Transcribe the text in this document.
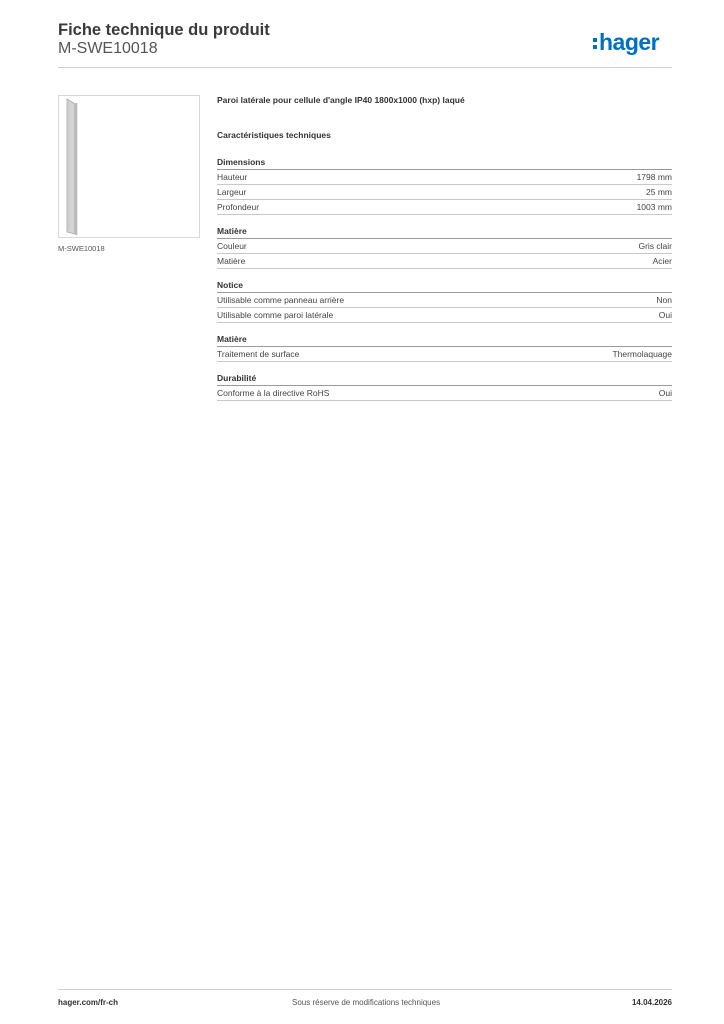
Fiche technique du produit
M-SWE10018	hager
M-SWE10018

Paroi latérale pour cellule d'angle IP40 1800x1000 (hxp) laqué

Caractéristiques techniques

Dimensions
Hauteur	1798 mm
Largeur	25 mm
Profondeur	1003 mm
Matière
Couleur	Gris clair
Matière	Acier
Notice
Utilisable comme panneau arrière	Non
Utilisable comme paroi latérale	Oui
Matière
Traitement de surface	Thermolaquage
Durabilité
Conforme à la directive RoHS	Oui
hager.com/fr-ch	Sous réserve de modifications techniques	14.04.2026
